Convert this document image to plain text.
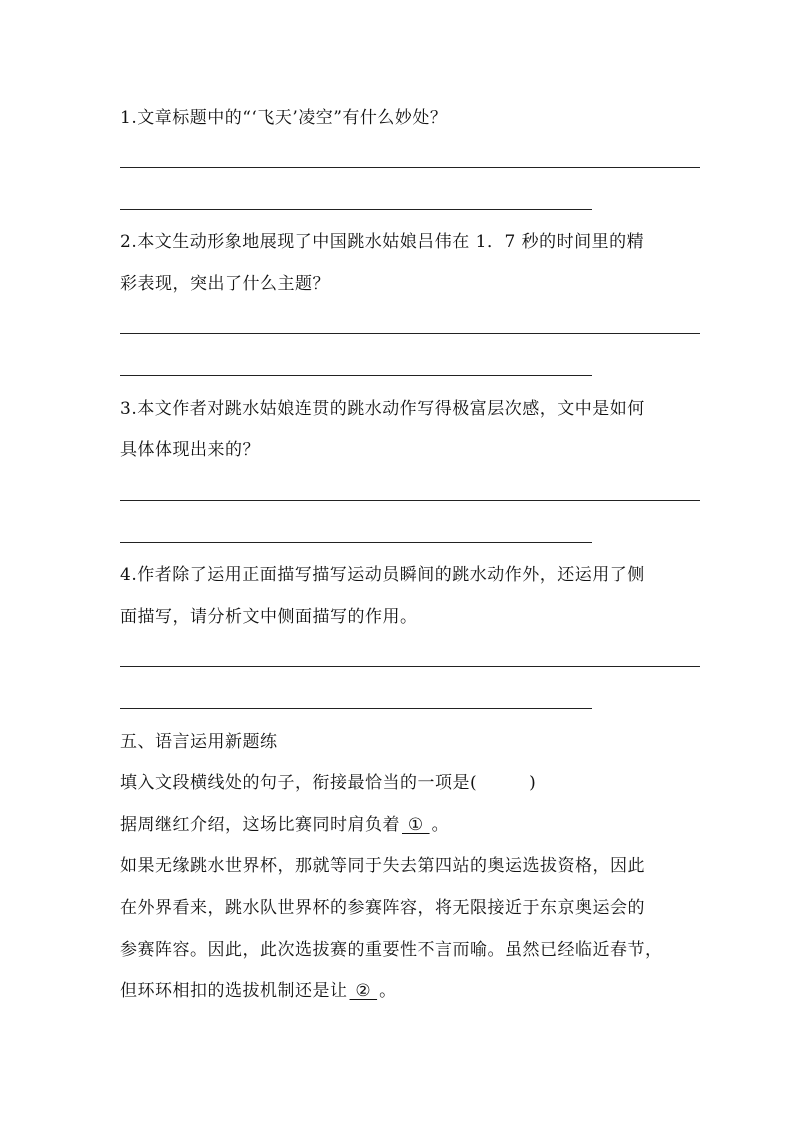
1.文章标题中的“‘飞天’凌空”有什么妙处？
2.本文生动形象地展现了中国跳水姑娘吕伟在 1．7 秒的时间里的精
彩表现，突出了什么主题？
3.本文作者对跳水姑娘连贯的跳水动作写得极富层次感，文中是如何
具体体现出来的？
4.作者除了运用正面描写描写运动员瞬间的跳水动作外，还运用了侧
面描写，请分析文中侧面描写的作用。
五、语言运用新题练
填入文段横线处的句子，衔接最恰当的一项是(	)
据周继红介绍，这场比赛同时肩负着 ① 。
如果无缘跳水世界杯，那就等同于失去第四站的奥运选拔资格，因此
在外界看来，跳水队世界杯的参赛阵容，将无限接近于东京奥运会的
参赛阵容。因此，此次选拔赛的重要性不言而喻。虽然已经临近春节，
但环环相扣的选拔机制还是让 ② 。
